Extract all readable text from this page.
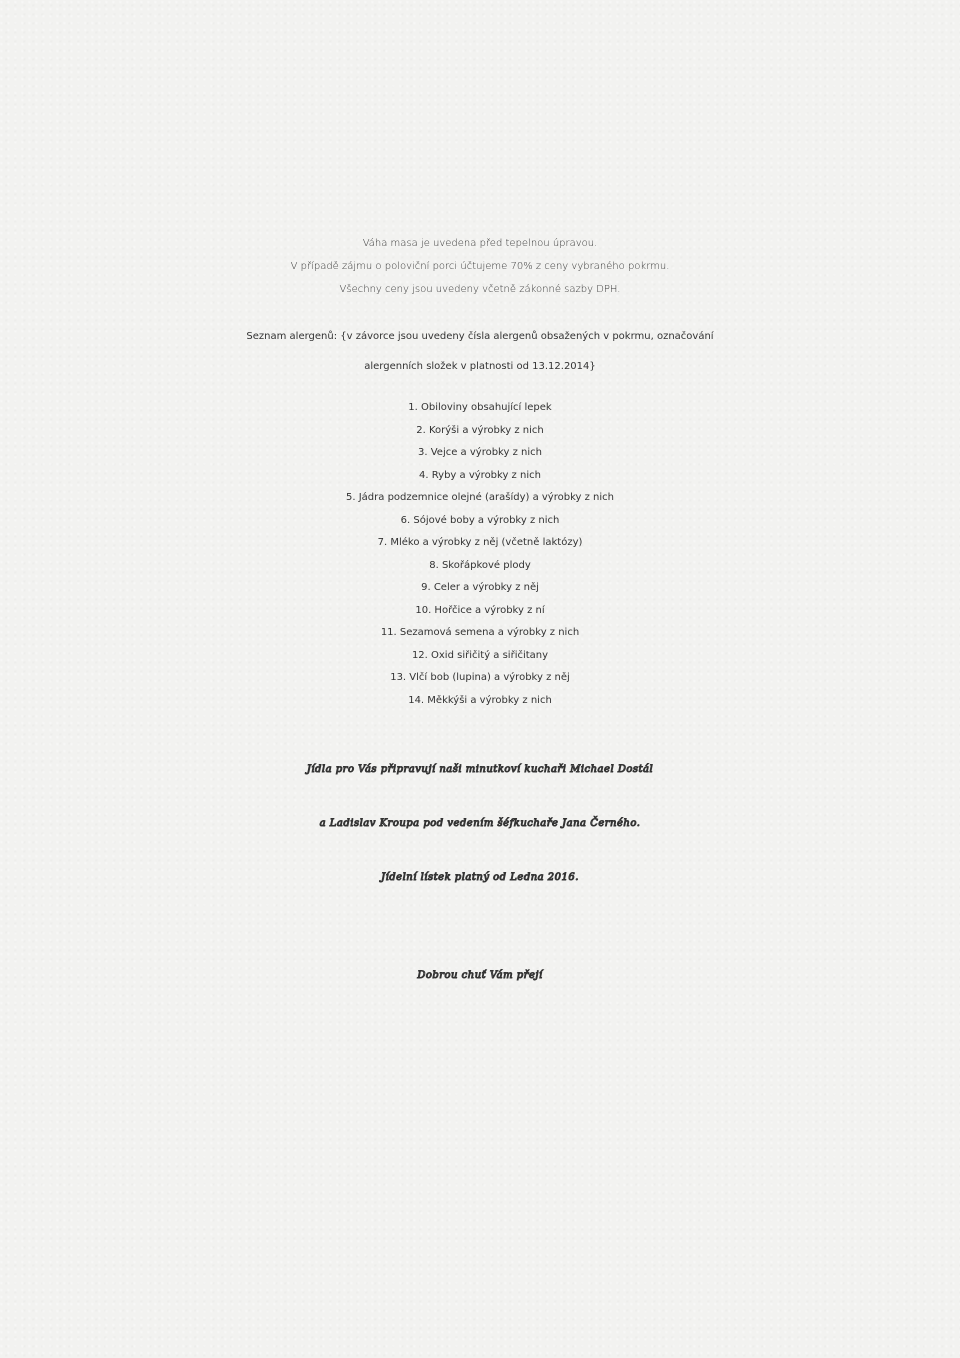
Váha masa je uvedena před tepelnou úpravou.

V případě zájmu o poloviční porci účtujeme 70% z ceny vybraného pokrmu.

Všechny ceny jsou uvedeny včetně zákonné sazby DPH.

Seznam alergenů: {v závorce jsou uvedeny čísla alergenů obsažených v pokrmu, označování

alergenních složek v platnosti od 13.12.2014}

1. Obiloviny obsahující lepek
2. Korýši a výrobky z nich
3. Vejce a výrobky z nich
4. Ryby a výrobky z nich
5. Jádra podzemnice olejné (arašídy) a výrobky z nich
6. Sójové boby a výrobky z nich
7. Mléko a výrobky z něj (včetně laktózy)
8. Skořápkové plody
9. Celer a výrobky z něj
10. Hořčice a výrobky z ní
11. Sezamová semena a výrobky z nich
12. Oxid siřičitý a siřičitany
13. Vlčí bob (lupina) a výrobky z něj
14. Měkkýši a výrobky z nich
Jídla pro Vás připravují naši minutkoví kuchaři Michael Dostál
a Ladislav Kroupa pod vedením šéfkuchaře Jana Černého.
Jídelní lístek platný od Ledna 2016.
Dobrou chuť Vám přejí
